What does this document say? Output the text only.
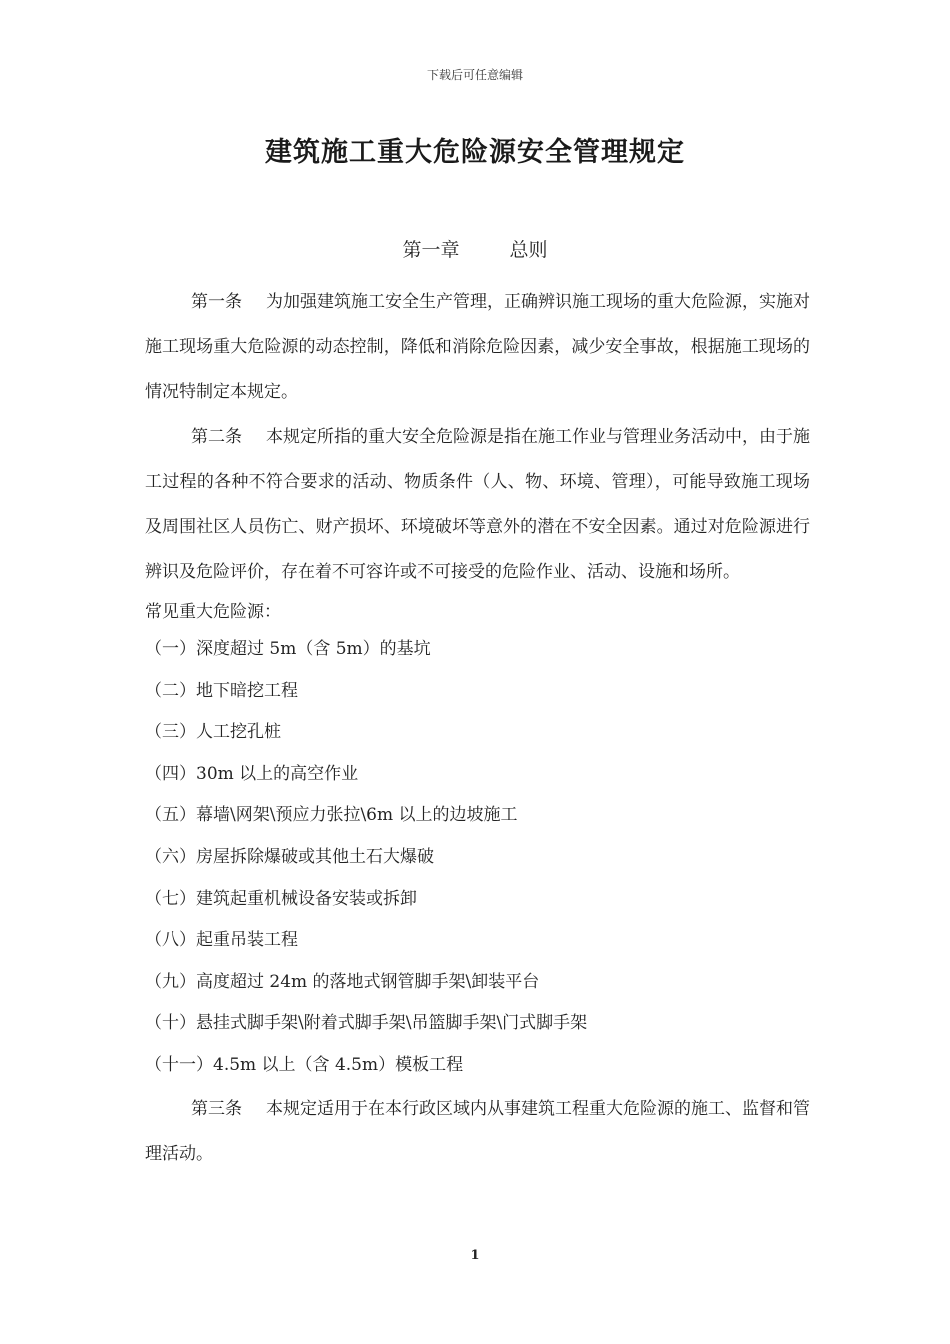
下载后可任意编辑
建筑施工重大危险源安全管理规定
第一章	总则

第一条 为加强建筑施工安全生产管理，正确辨识施工现场的重大危险源，实施对施工现场重大危险源的动态控制，降低和消除危险因素，减少安全事故，根据施工现场的情况特制定本规定。

第二条 本规定所指的重大安全危险源是指在施工作业与管理业务活动中，由于施工过程的各种不符合要求的活动、物质条件（人、物、环境、管理），可能导致施工现场及周围社区人员伤亡、财产损坏、环境破坏等意外的潜在不安全因素。通过对危险源进行辨识及危险评价，存在着不可容许或不可接受的危险作业、活动、设施和场所。

常见重大危险源：

（一）深度超过 5m（含 5m）的基坑

（二）地下暗挖工程

（三）人工挖孔桩

（四）30m 以上的高空作业

（五）幕墙\网架\预应力张拉\6m 以上的边坡施工

（六）房屋拆除爆破或其他土石大爆破

（七）建筑起重机械设备安装或拆卸

（八）起重吊装工程

（九）高度超过 24m 的落地式钢管脚手架\卸装平台

（十）悬挂式脚手架\附着式脚手架\吊篮脚手架\门式脚手架

（十一）4.5m 以上（含 4.5m）模板工程

第三条 本规定适用于在本行政区域内从事建筑工程重大危险源的施工、监督和管理活动。

1
